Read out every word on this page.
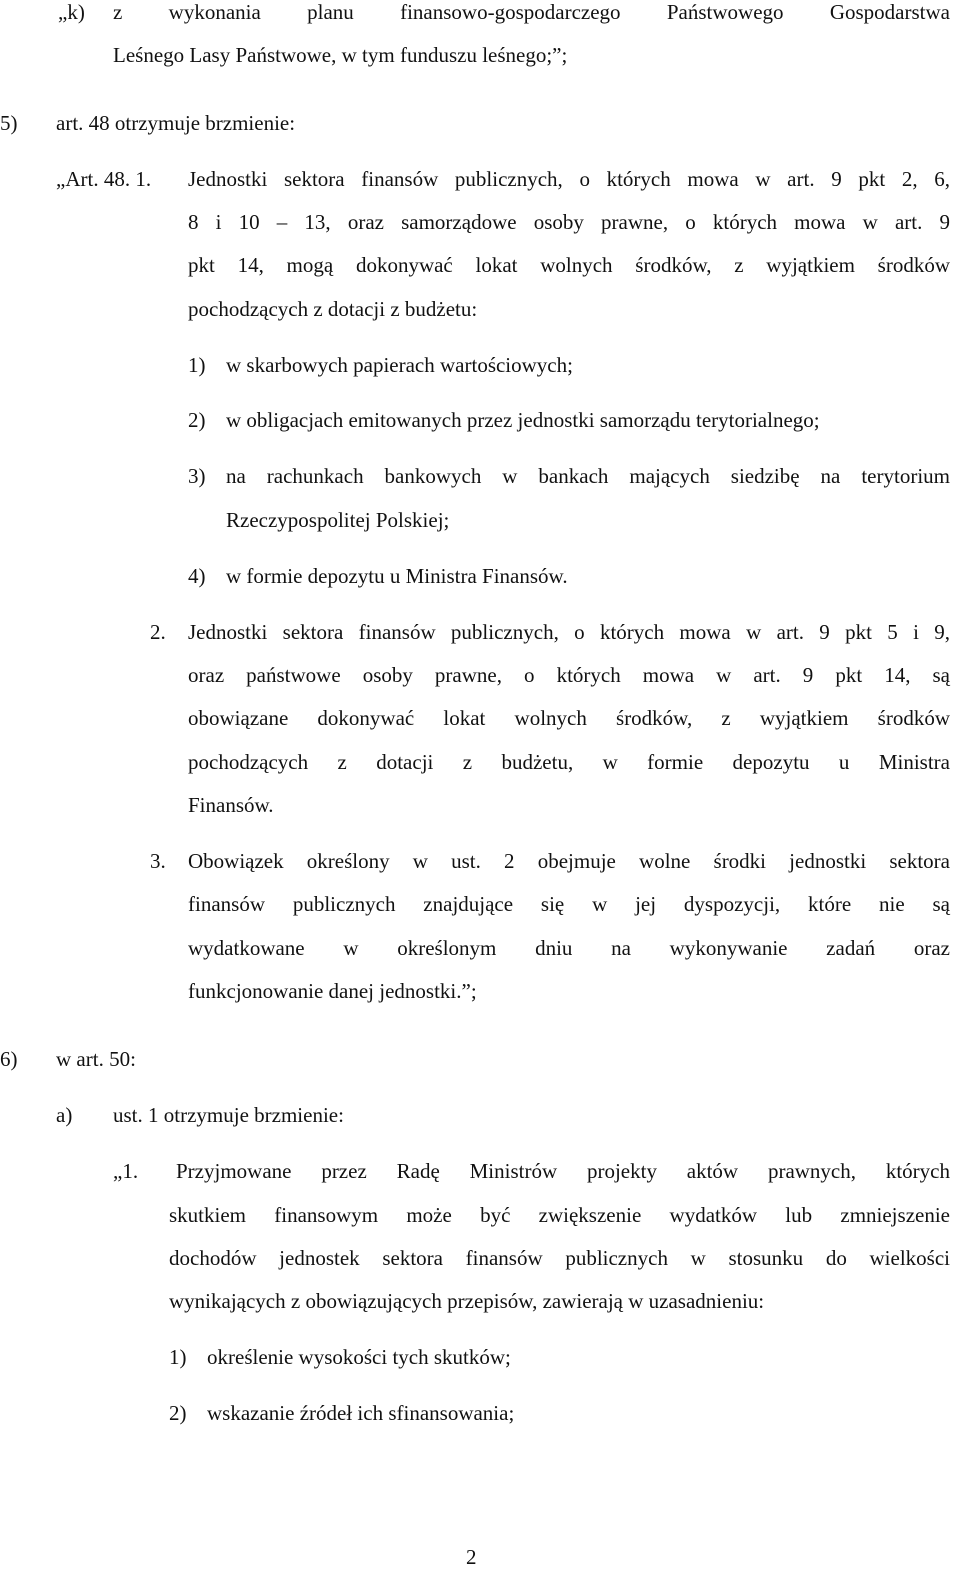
„k) z wykonania planu finansowo-gospodarczego Państwowego Gospodarstwa
Leśnego Lasy Państwowe, w tym funduszu leśnego;”;
5) art. 48 otrzymuje brzmienie:
„Art. 48. 1. Jednostki sektora finansów publicznych, o których mowa w art. 9 pkt 2, 6,
8 i 10 – 13, oraz samorządowe osoby prawne, o których mowa w art. 9
pkt 14, mogą dokonywać lokat wolnych środków, z wyjątkiem środków
pochodzących z dotacji z budżetu:
1) w skarbowych papierach wartościowych;
2) w obligacjach emitowanych przez jednostki samorządu terytorialnego;
3) na rachunkach bankowych w bankach mających siedzibę na terytorium
Rzeczypospolitej Polskiej;
4) w formie depozytu u Ministra Finansów.
2. Jednostki sektora finansów publicznych, o których mowa w art. 9 pkt 5 i 9,
oraz państwowe osoby prawne, o których mowa w art. 9 pkt 14, są
obowiązane dokonywać lokat wolnych środków, z wyjątkiem środków
pochodzących z dotacji z budżetu, w formie depozytu u Ministra
Finansów.
3. Obowiązek określony w ust. 2 obejmuje wolne środki jednostki sektora
finansów publicznych znajdujące się w jej dyspozycji, które nie są
wydatkowane w określonym dniu na wykonywanie zadań oraz
funkcjonowanie danej jednostki.”;
6) w art. 50:
a) ust. 1 otrzymuje brzmienie:
„1. Przyjmowane przez Radę Ministrów projekty aktów prawnych, których
skutkiem finansowym może być zwiększenie wydatków lub zmniejszenie
dochodów jednostek sektora finansów publicznych w stosunku do wielkości
wynikających z obowiązujących przepisów, zawierają w uzasadnieniu:
1) określenie wysokości tych skutków;
2) wskazanie źródeł ich sfinansowania;
2
